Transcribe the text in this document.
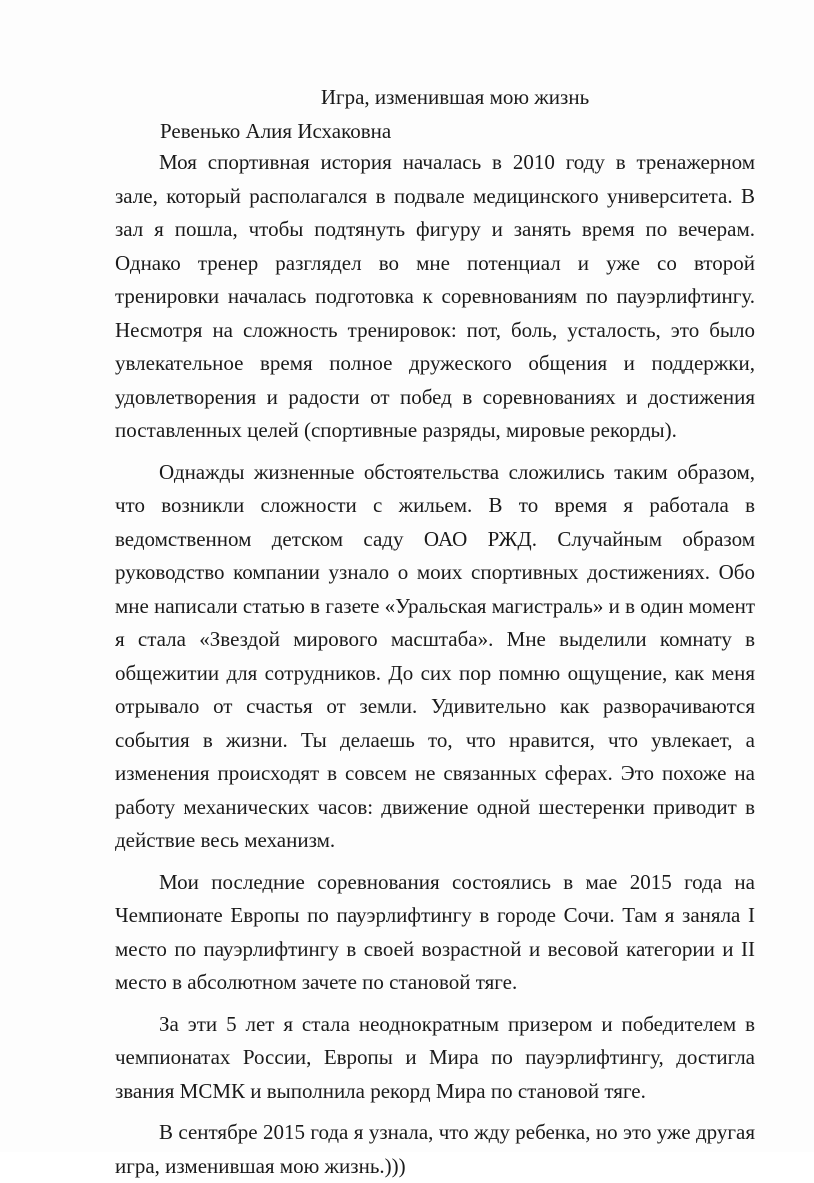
Игра, изменившая мою жизнь
Ревенько Алия Исхаковна

Моя спортивная история началась в 2010 году в тренажерном зале, который располагался в подвале медицинского университета. В зал я пошла, чтобы подтянуть фигуру и занять время по вечерам. Однако тренер разглядел во мне потенциал и уже со второй тренировки началась подготовка к соревнованиям по пауэрлифтингу. Несмотря на сложность тренировок: пот, боль, усталость, это было увлекательное время полное дружеского общения и поддержки, удовлетворения и радости от побед в соревнованиях и достижения поставленных целей (спортивные разряды, мировые рекорды).

Однажды жизненные обстоятельства сложились таким образом, что возникли сложности с жильем. В то время я работала в ведомственном детском саду ОАО РЖД. Случайным образом руководство компании узнало о моих спортивных достижениях. Обо мне написали статью в газете «Уральская магистраль» и в один момент я стала «Звездой мирового масштаба». Мне выделили комнату в общежитии для сотрудников. До сих пор помню ощущение, как меня отрывало от счастья от земли. Удивительно как разворачиваются события в жизни. Ты делаешь то, что нравится, что увлекает, а изменения происходят в совсем не связанных сферах. Это похоже на работу механических часов: движение одной шестеренки приводит в действие весь механизм.

Мои последние соревнования состоялись в мае 2015 года на Чемпионате Европы по пауэрлифтингу в городе Сочи. Там я заняла I место по пауэрлифтингу в своей возрастной и весовой категории и II место в абсолютном зачете по становой тяге.

За эти 5 лет я стала неоднократным призером и победителем в чемпионатах России, Европы и Мира по пауэрлифтингу, достигла звания МСМК и выполнила рекорд Мира по становой тяге.

В сентябре 2015 года я узнала, что жду ребенка, но это уже другая игра, изменившая мою жизнь.)))
